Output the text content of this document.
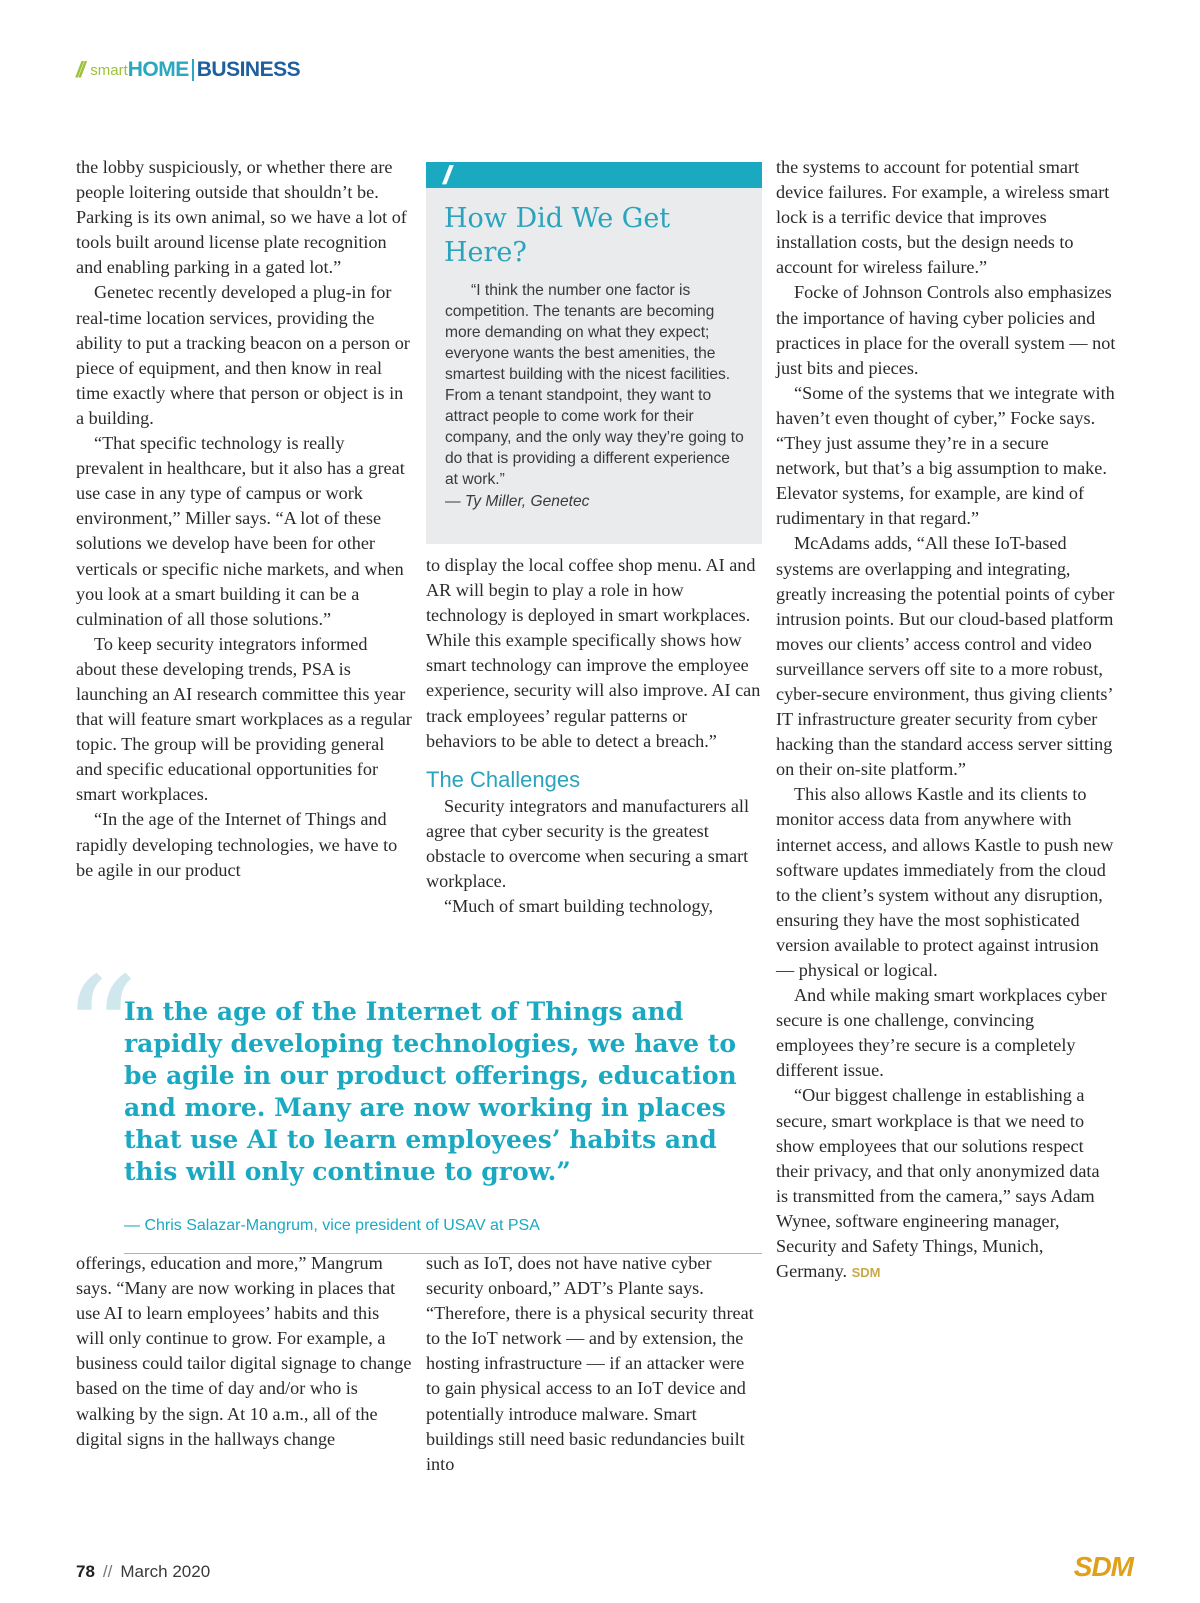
// smart HOME BUSINESS

the lobby suspiciously, or whether there are people loitering outside that shouldn’t be. Parking is its own animal, so we have a lot of tools built around license plate recognition and enabling parking in a gated lot.”

Genetec recently developed a plug-in for real-time location services, providing the ability to put a tracking beacon on a person or piece of equipment, and then know in real time exactly where that person or object is in a building.

“That specific technology is really prevalent in healthcare, but it also has a great use case in any type of campus or work environment,” Miller says. “A lot of these solutions we develop have been for other verticals or specific niche markets, and when you look at a smart building it can be a culmination of all those solutions.”

To keep security integrators informed about these developing trends, PSA is launching an AI research committee this year that will feature smart workplaces as a regular topic. The group will be providing general and specific educational opportunities for smart workplaces.

“In the age of the Internet of Things and rapidly developing technologies, we have to be agile in our product

//
How Did We Get Here?
“I think the number one factor is competition. The tenants are becoming more demanding on what they expect; everyone wants the best amenities, the smartest building with the nicest facilities. From a tenant standpoint, they want to attract people to come work for their company, and the only way they’re going to do that is providing a different experience at work.”
— Ty Miller, Genetec

to display the local coffee shop menu. AI and AR will begin to play a role in how technology is deployed in smart workplaces. While this example specifically shows how smart technology can improve the employee experience, security will also improve. AI can track employees’ regular patterns or behaviors to be able to detect a breach.”

The Challenges

Security integrators and manufacturers all agree that cyber security is the greatest obstacle to overcome when securing a smart workplace.

“Much of smart building technology,

the systems to account for potential smart device failures. For example, a wireless smart lock is a terrific device that improves installation costs, but the design needs to account for wireless failure.”

Focke of Johnson Controls also emphasizes the importance of having cyber policies and practices in place for the overall system — not just bits and pieces.

“Some of the systems that we integrate with haven’t even thought of cyber,” Focke says. “They just assume they’re in a secure network, but that’s a big assumption to make. Elevator systems, for example, are kind of rudimentary in that regard.”

McAdams adds, “All these IoT-based systems are overlapping and integrating, greatly increasing the potential points of cyber intrusion points. But our cloud-based platform moves our clients’ access control and video surveillance servers off site to a more robust, cyber-secure environment, thus giving clients’ IT infrastructure greater security from cyber hacking than the standard access server sitting on their on-site platform.”

This also allows Kastle and its clients to monitor access data from anywhere with internet access, and allows Kastle to push new software updates immediately from the cloud to the client’s system without any disruption, ensuring they have the most sophisticated version available to protect against intrusion — physical or logical.

And while making smart workplaces cyber secure is one challenge, convincing employees they’re secure is a completely different issue.

“Our biggest challenge in establishing a secure, smart workplace is that we need to show employees that our solutions respect their privacy, and that only anonymized data is transmitted from the camera,” says Adam Wynee, software engineering manager, Security and Safety Things, Munich, Germany. SDM

“

In the age of the Internet of Things and rapidly developing technologies, we have to be agile in our product offerings, education and more. Many are now working in places that use AI to learn employees’ habits and this will only continue to grow.”

— Chris Salazar-Mangrum, vice president of USAV at PSA

offerings, education and more,” Mangrum says. “Many are now working in places that use AI to learn employees’ habits and this will only continue to grow. For example, a business could tailor digital signage to change based on the time of day and/or who is walking by the sign. At 10 a.m., all of the digital signs in the hallways change

such as IoT, does not have native cyber security onboard,” ADT’s Plante says. “Therefore, there is a physical security threat to the IoT network — and by extension, the hosting infrastructure — if an attacker were to gain physical access to an IoT device and potentially introduce malware. Smart buildings still need basic redundancies built into

78 // March 2020	SDM
